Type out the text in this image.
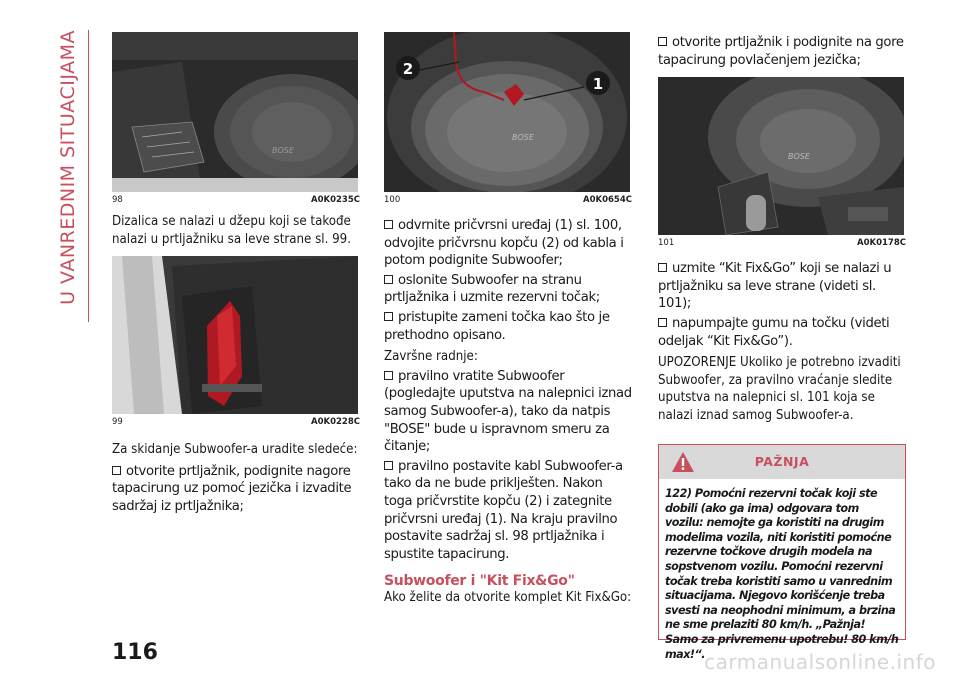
U VANREDNIM SITUACIJAMA	BOSE
98	A0K0235C

Dizalica se nalazi u džepu koji se takođe nalazi u prtljažniku sa leve strane sl. 99.

99	A0K0228C

Za skidanje Subwoofer-a uradite sledeće:

otvorite prtljažnik, podignite nagore tapacirung uz pomoć jezička i izvadite sadržaj iz prtljažnika;
BOSE
1
2
100	A0K0654C
odvrnite pričvrsni uređaj (1) sl. 100, odvojite pričvrsnu kopču (2) od kabla i potom podignite Subwoofer;
oslonite Subwoofer na stranu prtljažnika i uzmite rezervni točak;
pristupite zameni točka kao što je prethodno opisano.

Završne radnje:

pravilno vratite Subwoofer (pogledajte uputstva na nalepnici iznad samog Subwoofer-a), tako da natpis "BOSE" bude u ispravnom smeru za čitanje;
pravilno postavite kabl Subwoofer-a tako da ne bude priklješten. Nakon toga pričvrstite kopču (2) i zategnite pričvrsni uređaj (1). Na kraju pravilno postavite sadržaj sl. 98 prtljažnika i spustite tapacirung.
Subwoofer i "Kit Fix&Go"

Ako želite da otvorite komplet Kit Fix&Go:

otvorite prtljažnik i podignite na gore tapacirung povlačenjem jezička;
BOSE
101	A0K0178C
uzmite “Kit Fix&Go” koji se nalazi u prtljažniku sa leve strane (videti sl. 101);
napumpajte gumu na točku (videti odeljak “Kit Fix&Go”).

UPOZORENJE Ukoliko je potrebno izvaditi Subwoofer, za pravilno vraćanje sledite uputstva na nalepnici sl. 101 koja se nalazi iznad samog Subwoofer-a.

PAŽNJA
122) Pomoćni rezervni točak koji ste dobili (ako ga ima) odgovara tom vozilu: nemojte ga koristiti na drugim modelima vozila, niti koristiti pomoćne rezervne točkove drugih modela na sopstvenom vozilu. Pomoćni rezervni točak treba koristiti samo u vanrednim situacijama. Njegovo korišćenje treba svesti na neophodni minimum, a brzina ne sme prelaziti 80 km/h. „Pažnja! Samo za privremenu upotrebu! 80 km/h max!“.
116	carmanualsonline.info
